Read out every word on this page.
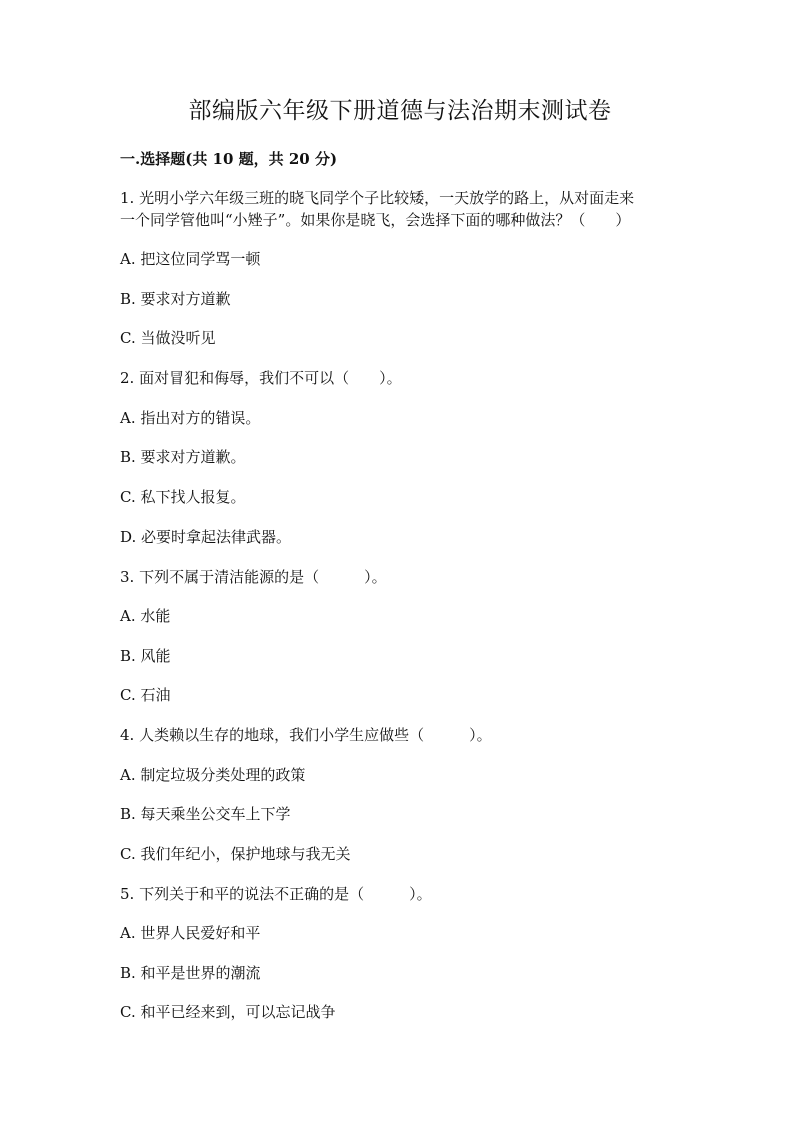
部编版六年级下册道德与法治期末测试卷
一.选择题(共 10 题，共 20 分)
1. 光明小学六年级三班的晓飞同学个子比较矮，一天放学的路上，从对面走来
一个同学管他叫“小矬子”。如果你是晓飞，会选择下面的哪种做法？（　　）
A. 把这位同学骂一顿
B. 要求对方道歉
C. 当做没听见
2. 面对冒犯和侮辱，我们不可以（　　）。
A. 指出对方的错误。
B. 要求对方道歉。
C. 私下找人报复。
D. 必要时拿起法律武器。
3. 下列不属于清洁能源的是（　　　）。
A. 水能
B. 风能
C. 石油
4. 人类赖以生存的地球，我们小学生应做些（　　　）。
A. 制定垃圾分类处理的政策
B. 每天乘坐公交车上下学
C. 我们年纪小，保护地球与我无关
5. 下列关于和平的说法不正确的是（　　　）。
A. 世界人民爱好和平
B. 和平是世界的潮流
C. 和平已经来到，可以忘记战争
